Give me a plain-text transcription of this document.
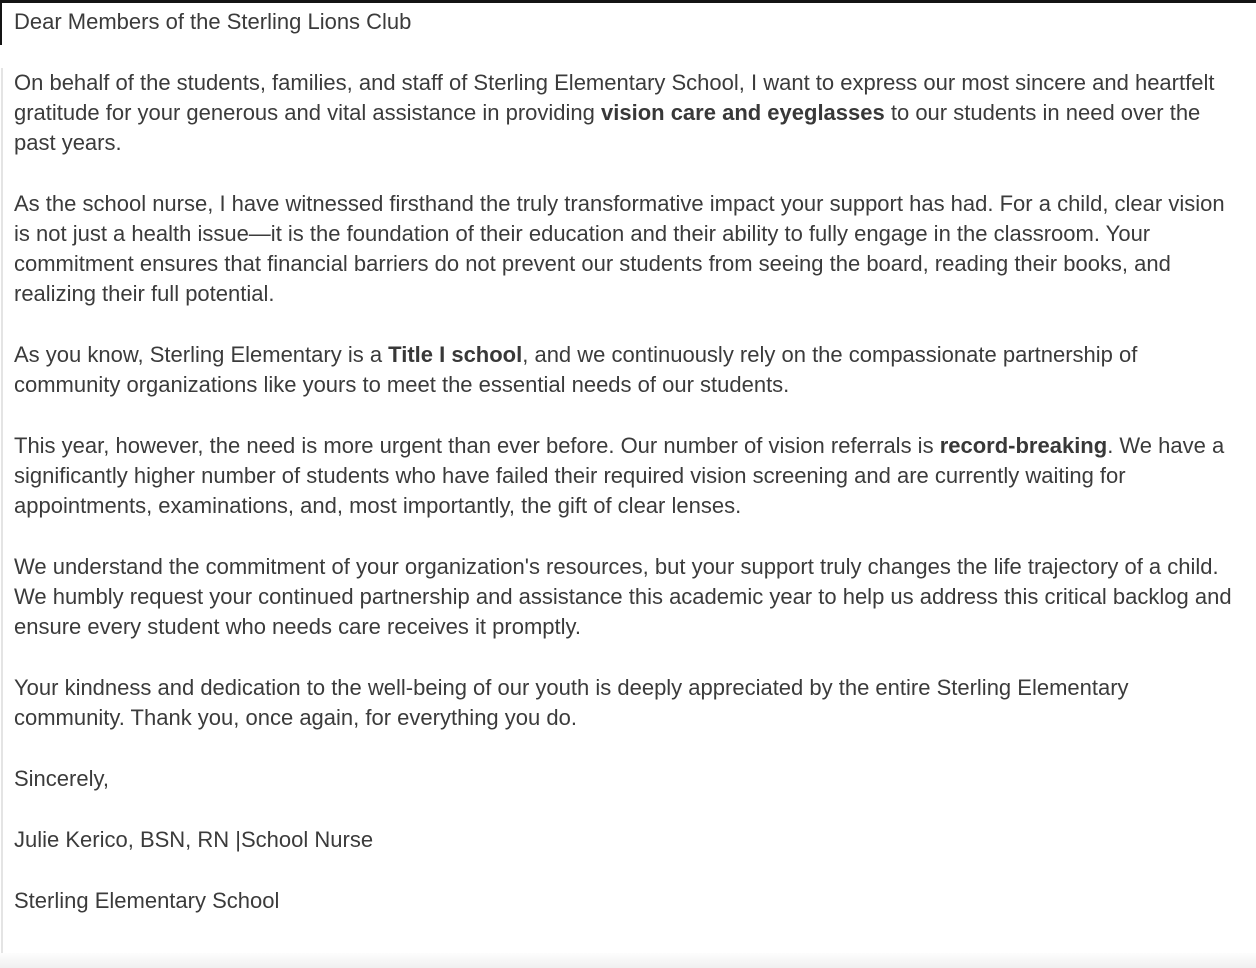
Dear Members of the Sterling Lions Club

On behalf of the students, families, and staff of Sterling Elementary School, I want to express our most sincere and heartfelt gratitude for your generous and vital assistance in providing vision care and eyeglasses to our students in need over the past years.

As the school nurse, I have witnessed firsthand the truly transformative impact your support has had. For a child, clear vision is not just a health issue—it is the foundation of their education and their ability to fully engage in the classroom. Your commitment ensures that financial barriers do not prevent our students from seeing the board, reading their books, and realizing their full potential.

As you know, Sterling Elementary is a Title I school, and we continuously rely on the compassionate partnership of community organizations like yours to meet the essential needs of our students.

This year, however, the need is more urgent than ever before. Our number of vision referrals is record-breaking. We have a significantly higher number of students who have failed their required vision screening and are currently waiting for appointments, examinations, and, most importantly, the gift of clear lenses.

We understand the commitment of your organization's resources, but your support truly changes the life trajectory of a child. We humbly request your continued partnership and assistance this academic year to help us address this critical backlog and ensure every student who needs care receives it promptly.

Your kindness and dedication to the well-being of our youth is deeply appreciated by the entire Sterling Elementary community. Thank you, once again, for everything you do.

Sincerely,

Julie Kerico, BSN, RN |School Nurse

Sterling Elementary School
